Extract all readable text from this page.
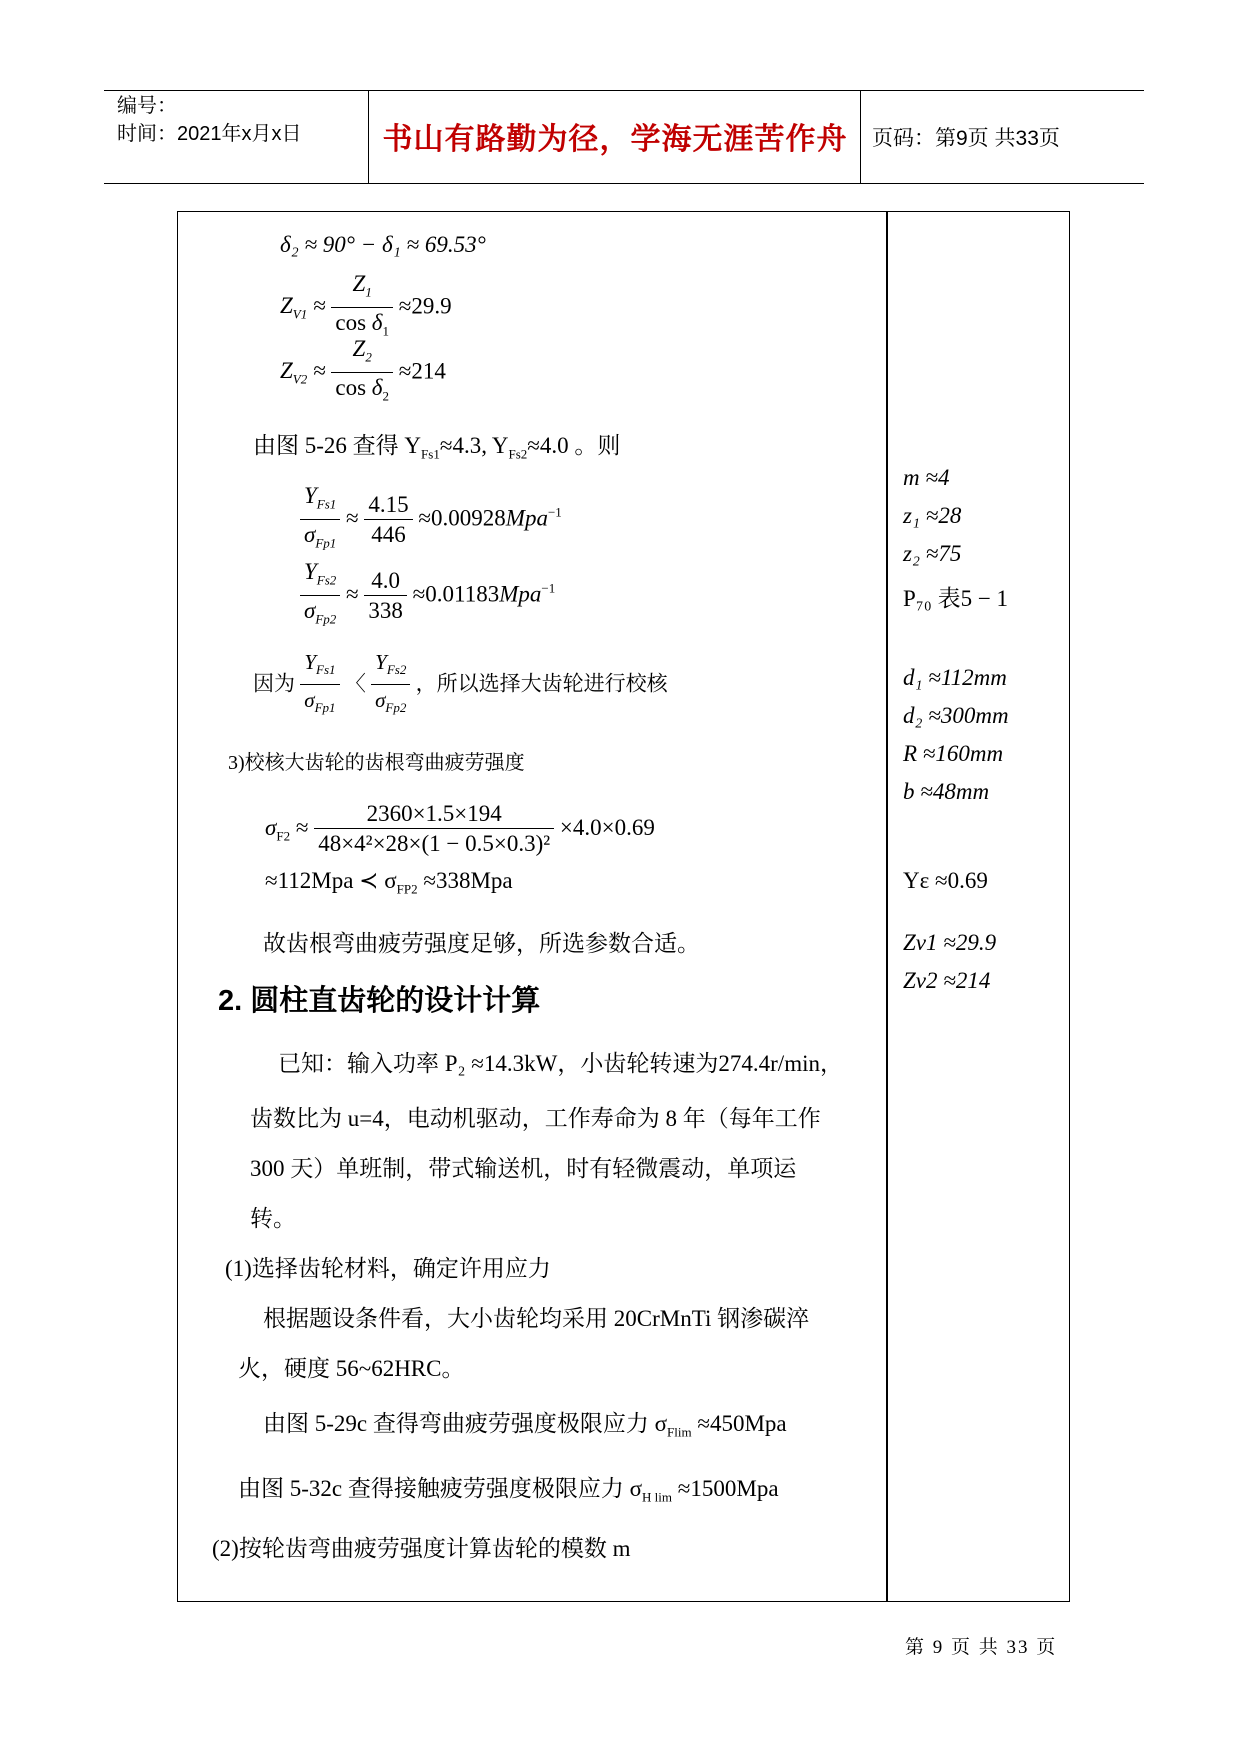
编号：
时间：2021年x月x日	书山有路勤为径，学海无涯苦作舟	页码：第9页 共33页
δ₂ ≈ 90° − δ₁ ≈ 69.53°
$Z_{V1} \approx \frac{Z_1}{\cos \delta_1} \approx 29.9$
$Z_{V2} \approx \frac{Z_2}{\cos \delta_2} \approx 214$
由图 5-26 查得 $Y_{Fs1}\approx 4.3$, $Y_{Fs2}\approx 4.0$ 。则
$\frac{Y_{Fs1}}{\sigma_{Fp1}} \approx \frac{4.15}{446} \approx 0.00928Mpa^{-1}$
$\frac{Y_{Fs2}}{\sigma_{Fp2}} \approx \frac{4.0}{338} \approx 0.01183Mpa^{-1}$
因为 $\frac{Y_{Fs1}}{\sigma_{Fp1}}$ 〈 $\frac{Y_{Fs2}}{\sigma_{Fp2}}$ ，所以选择大齿轮进行校核
3)校核大齿轮的齿根弯曲疲劳强度
$\sigma_{F2} \approx \frac{2360\times 1.5\times 194}{\text{48×4²×28×(1 − 0.5×0.3)²}} \times 4.0\times 0.69$
≈112Mpa ≺ $\sigma_{FP2} \approx 338Mpa$
故齿根弯曲疲劳强度足够，所选参数合适。
2. 圆柱直齿轮的设计计算
已知：输入功率 P₂ ≈14.3kW，小齿轮转速为274.4r/min，
齿数比为 u=4，电动机驱动，工作寿命为 8 年（每年工作
300 天）单班制，带式输送机，时有轻微震动，单项运
转。
(1)选择齿轮材料，确定许用应力
根据题设条件看，大小齿轮均采用 20CrMnTi 钢渗碳淬
火，硬度 56~62HRC。
由图 5-29c 查得弯曲疲劳强度极限应力 $\sigma_{Flim} \approx 450Mpa$
由图 5-32c 查得接触疲劳强度极限应力 $\sigma_{H lim} \approx 1500Mpa$
(2)按轮齿弯曲疲劳强度计算齿轮的模数 m
m ≈4
z₁ ≈28
z₂ ≈75
P₇₀ 表5 − 1
d₁ ≈112mm
d₂ ≈300mm
R ≈160mm
b ≈48mm
Yε ≈0.69
Zv1 ≈29.9
Zv2 ≈214
第 9 页 共 33 页
